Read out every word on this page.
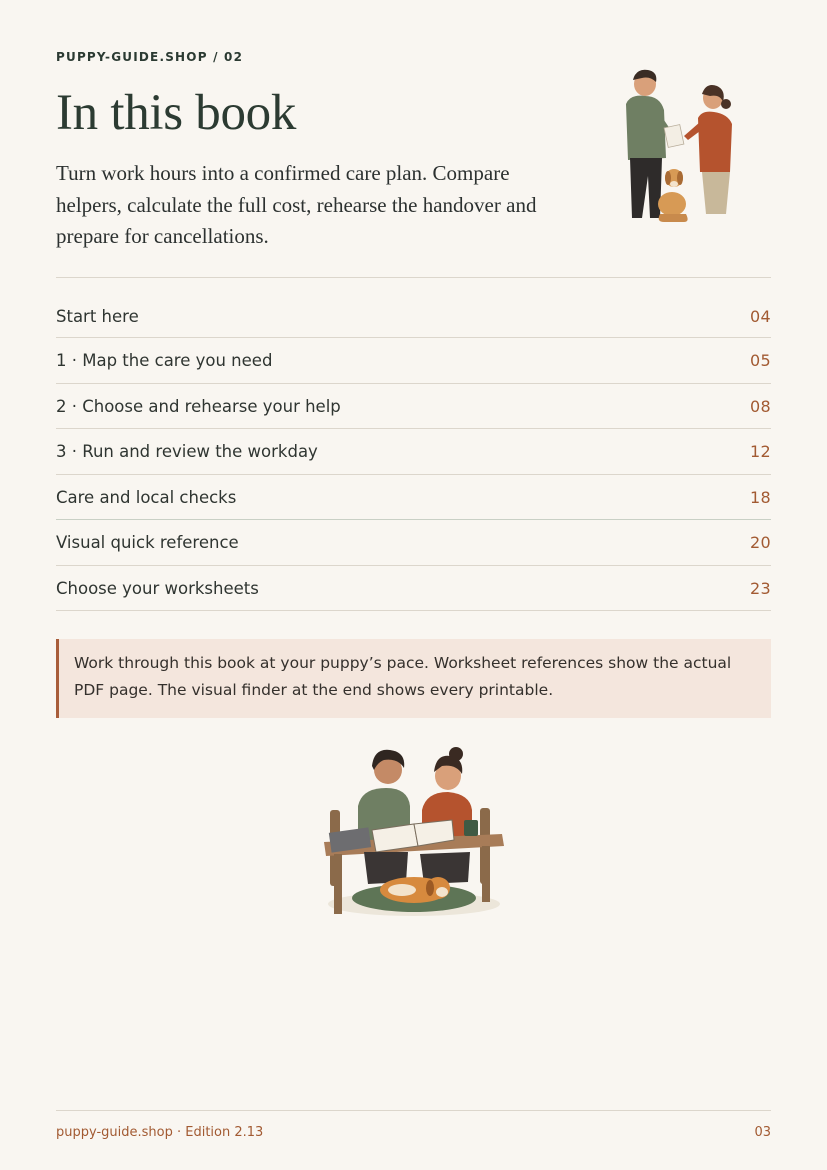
PUPPY-GUIDE.SHOP / 02
In this book

Turn work hours into a confirmed care plan. Compare helpers, calculate the full cost, rehearse the handover and prepare for cancellations.

Start here	04
1 · Map the care you need	05
2 · Choose and rehearse your help	08
3 · Run and review the workday	12
Care and local checks	18
Visual quick reference	20
Choose your worksheets	23
Work through this book at your puppy’s pace. Worksheet references show the actual PDF page. The visual finder at the end shows every printable.
puppy-guide.shop · Edition 2.13	03
